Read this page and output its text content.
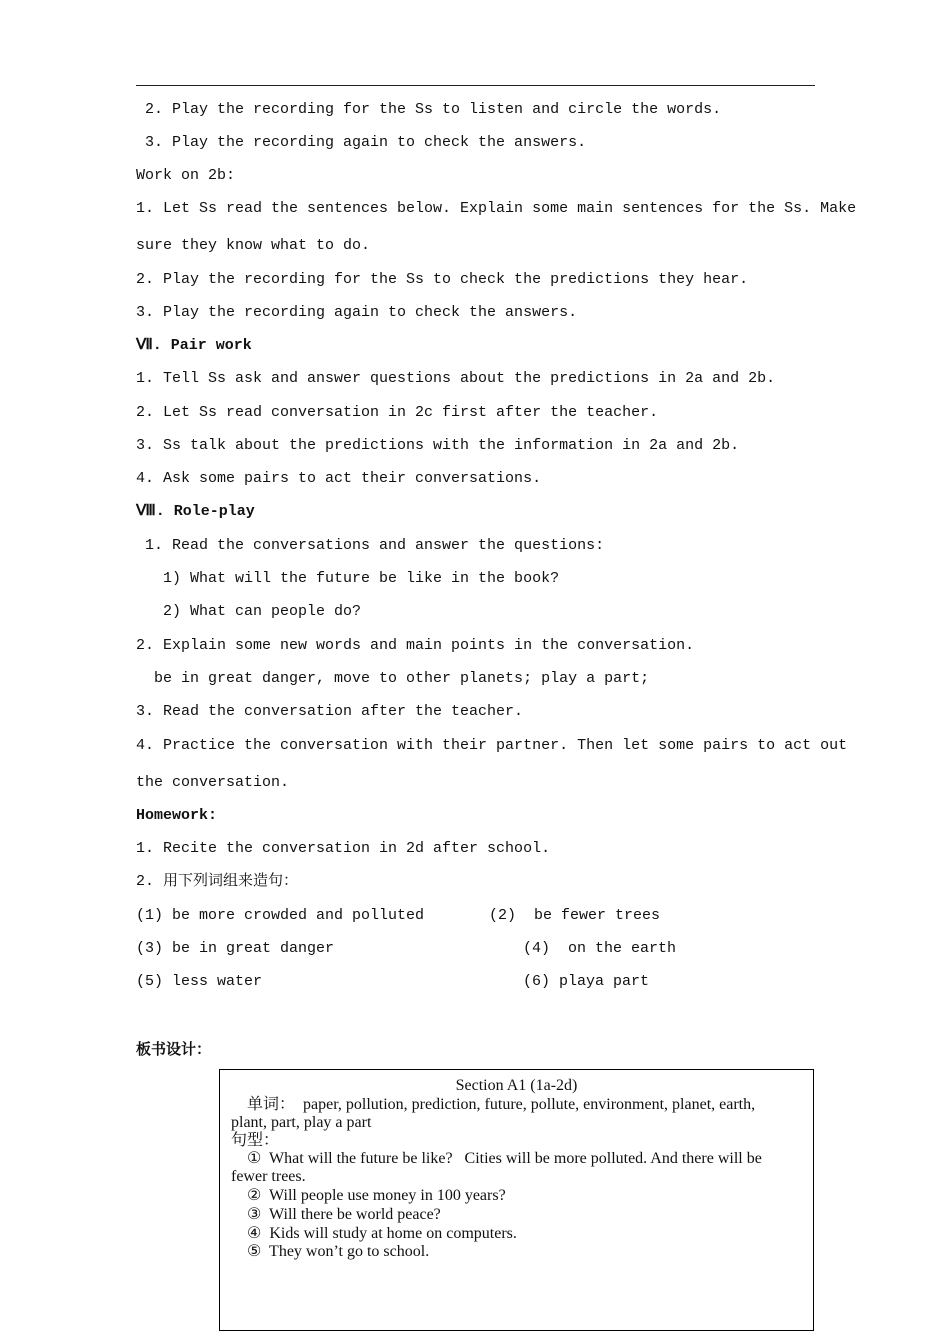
2. Play the recording for the Ss to listen and circle the words.
3. Play the recording again to check the answers.
Work on 2b:
1. Let Ss read the sentences below. Explain some main sentences for the Ss. Make
sure they know what to do.
2. Play the recording for the Ss to check the predictions they hear.
3. Play the recording again to check the answers.
Ⅶ. Pair work
1. Tell Ss ask and answer questions about the predictions in 2a and 2b.
2. Let Ss read conversation in 2c first after the teacher.
3. Ss talk about the predictions with the information in 2a and 2b.
4. Ask some pairs to act their conversations.
Ⅷ. Role-play
1. Read the conversations and answer the questions:
1) What will the future be like in the book?
2) What can people do?
2. Explain some new words and main points in the conversation.
be in great danger, move to other planets; play a part;
3. Read the conversation after the teacher.
4. Practice the conversation with their partner. Then let some pairs to act out
the conversation.
Homework:
1. Recite the conversation in 2d after school.
2. 用下列词组来造句：
(1) be more crowded and polluted	(2)  be fewer trees
(3) be in great danger	(4)  on the earth
(5) less water	(6) playa part
板书设计：
Section A1 (1a-2d)
单词：  paper, pollution, prediction, future, pollute, environment, planet, earth,
plant, part, play a part
句型：
①  What will the future be like?   Cities will be more polluted. And there will be
fewer trees.
②  Will people use money in 100 years?
③  Will there be world peace?
④  Kids will study at home on computers.
⑤  They won’t go to school.
